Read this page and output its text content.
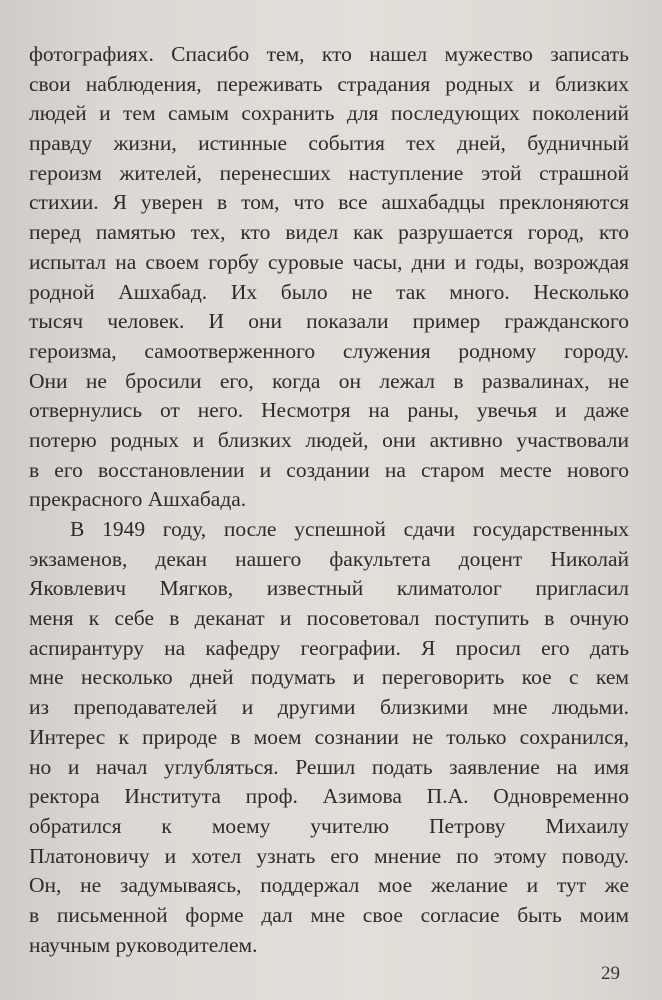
фотографиях. Спасибо тем, кто нашел мужество записать
свои наблюдения, переживать страдания родных и близких
людей и тем самым сохранить для последующих поколений
правду жизни, истинные события тех дней, будничный
героизм жителей, перенесших наступление этой страшной
стихии. Я уверен в том, что все ашхабадцы преклоняются
перед памятью тех, кто видел как разрушается город, кто
испытал на своем горбу суровые часы, дни и годы, возрождая
родной Ашхабад. Их было не так много. Несколько
тысяч человек. И они показали пример гражданского
героизма, самоотверженного служения родному городу.
Они не бросили его, когда он лежал в развалинах, не
отвернулись от него. Несмотря на раны, увечья и даже
потерю родных и близких людей, они активно участвовали
в его восстановлении и создании на старом месте нового
прекрасного Ашхабада.
В 1949 году, после успешной сдачи государственных
экзаменов, декан нашего факультета доцент Николай
Яковлевич Мягков, известный климатолог пригласил
меня к себе в деканат и посоветовал поступить в очную
аспирантуру на кафедру географии. Я просил его дать
мне несколько дней подумать и переговорить кое с кем
из преподавателей и другими близкими мне людьми.
Интерес к природе в моем сознании не только сохранился,
но и начал углубляться. Решил подать заявление на имя
ректора Института проф. Азимова П.А. Одновременно
обратился к моему учителю Петрову Михаилу
Платоновичу и хотел узнать его мнение по этому поводу.
Он, не задумываясь, поддержал мое желание и тут же
в письменной форме дал мне свое согласие быть моим
научным руководителем.
29
